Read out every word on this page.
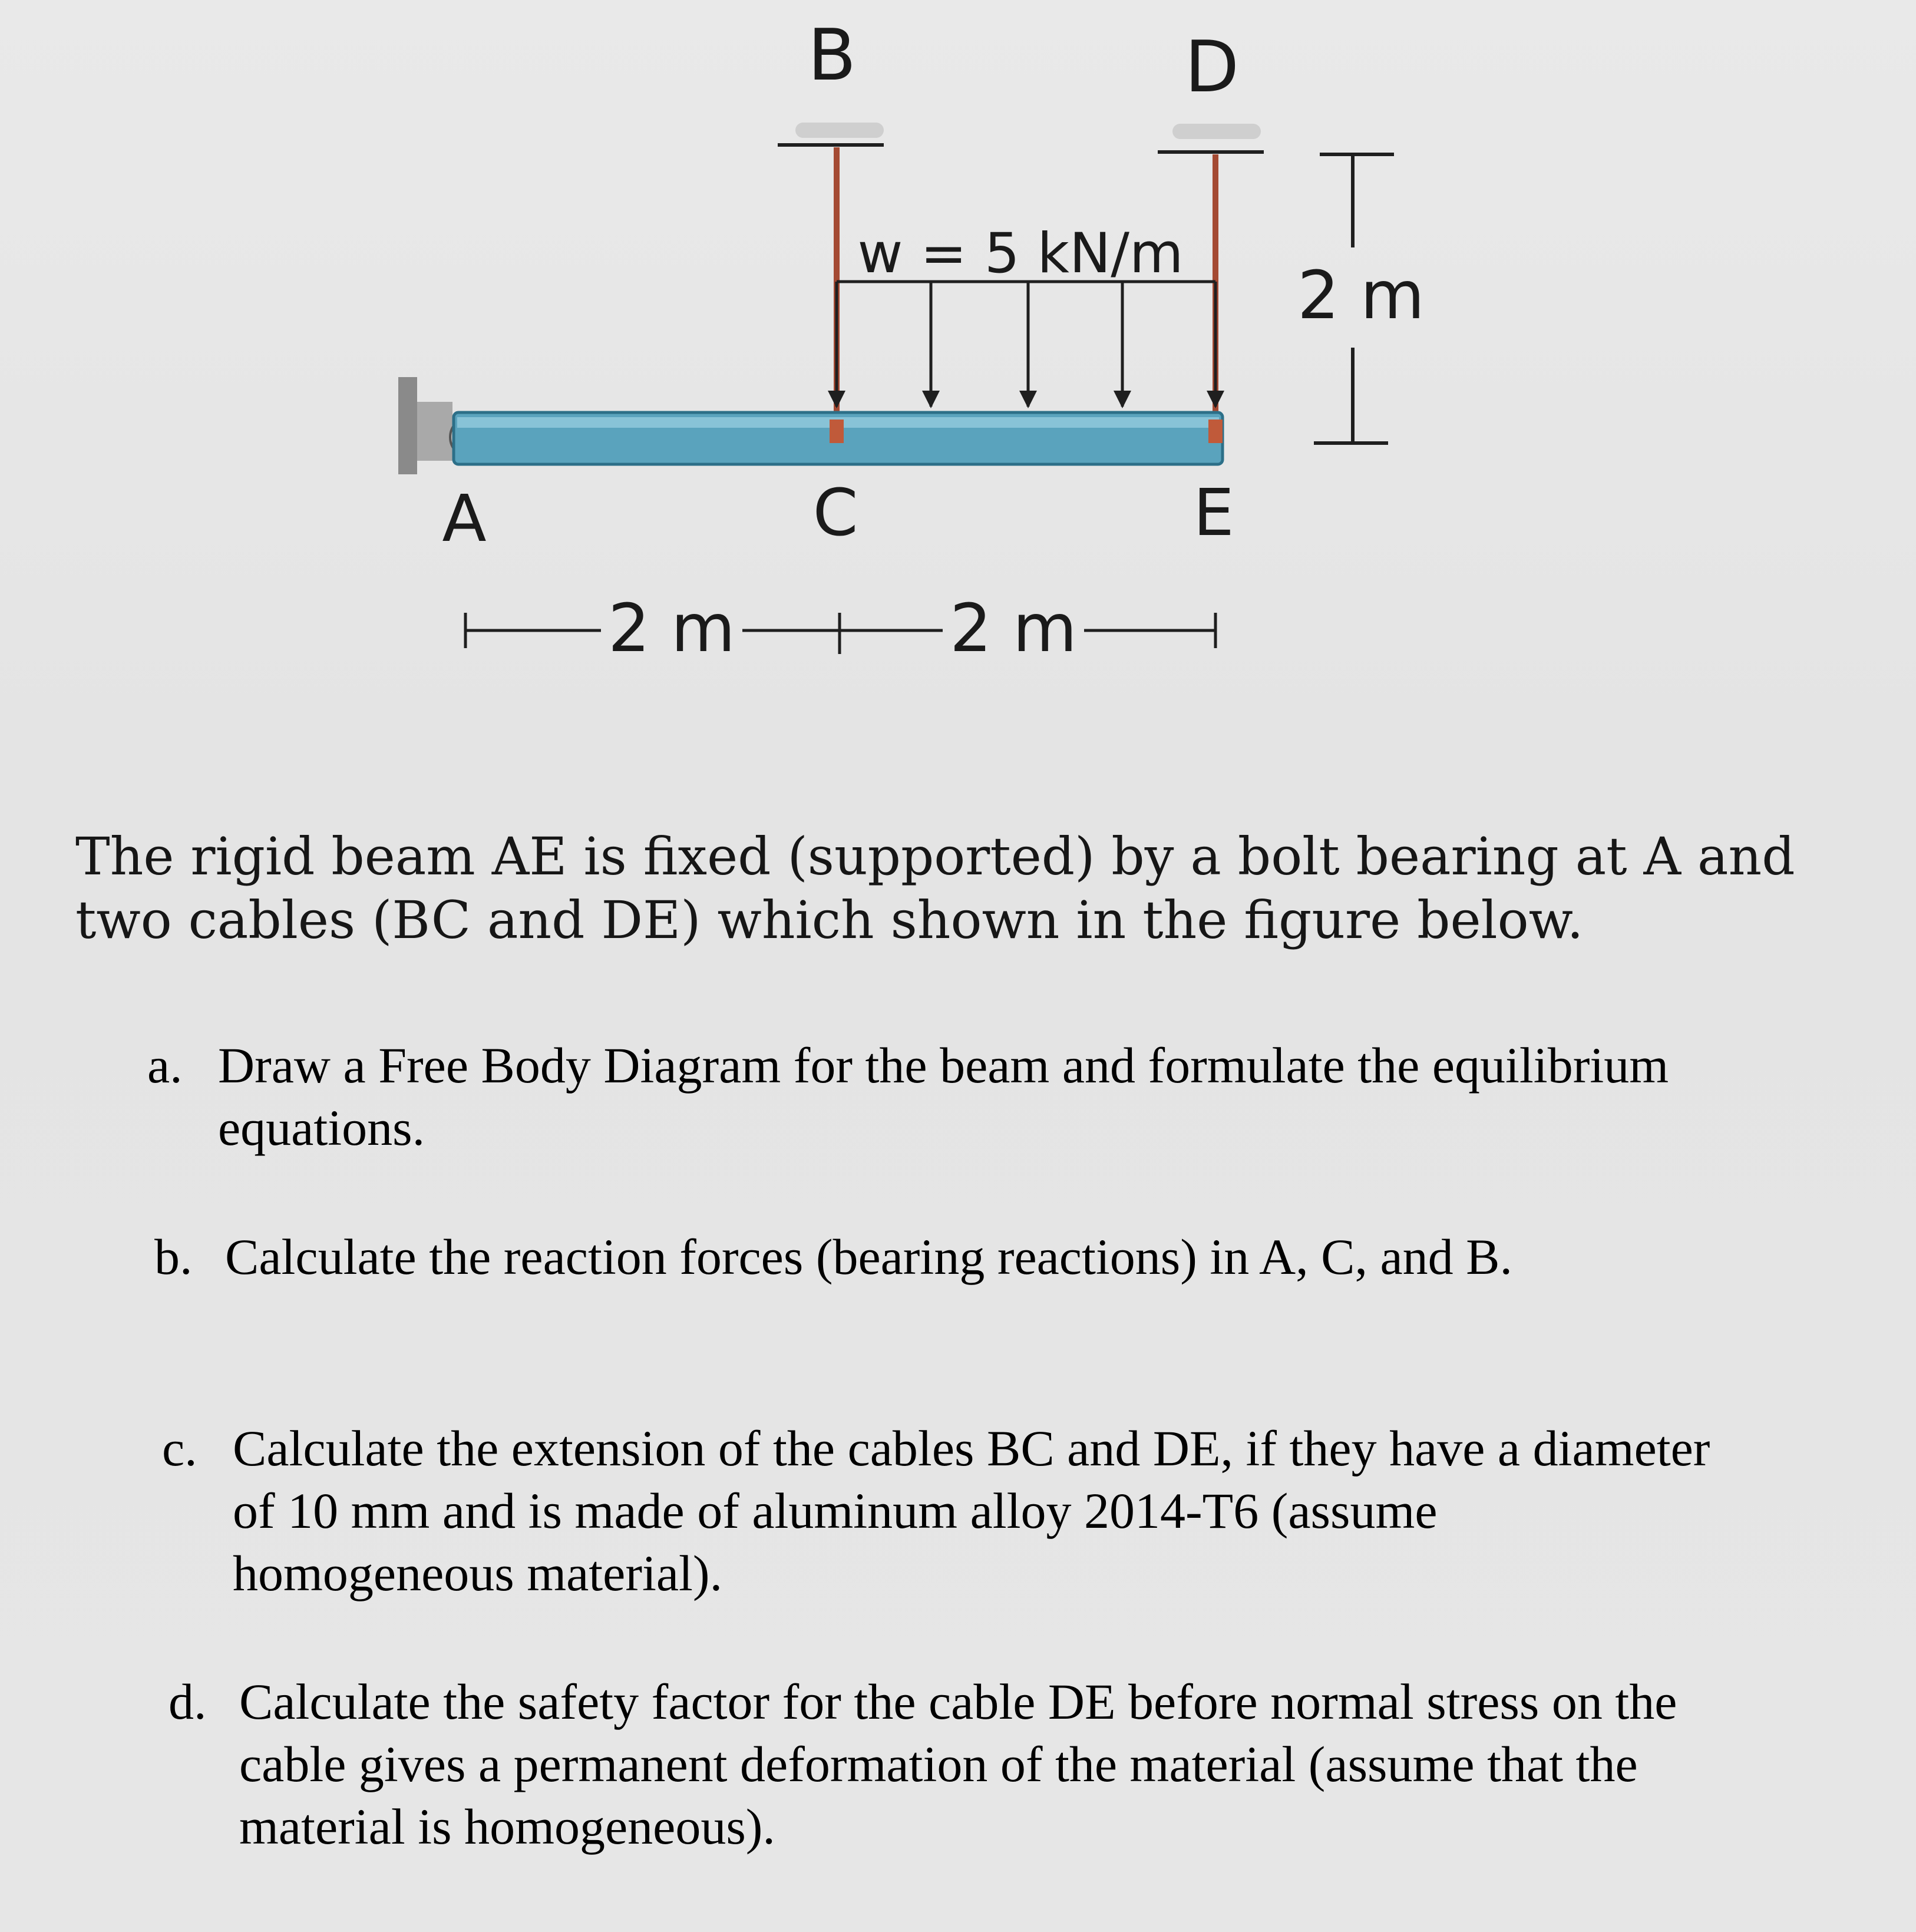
B	D
A	C	E
w = 5 kN/m
2 m
2 m	2 m

The rigid beam AE is fixed (supported) by a bolt bearing at A and two cables (BC and DE) which shown in the figure below.

a. Draw a Free Body Diagram for the beam and formulate the equilibrium equations.
b. Calculate the reaction forces (bearing reactions) in A, C, and B.
c. Calculate the extension of the cables BC and DE, if they have a diameter of 10 mm and is made of aluminum alloy 2014-T6 (assume homogeneous material).
d. Calculate the safety factor for the cable DE before normal stress on the cable gives a permanent deformation of the material (assume that the material is homogeneous).
